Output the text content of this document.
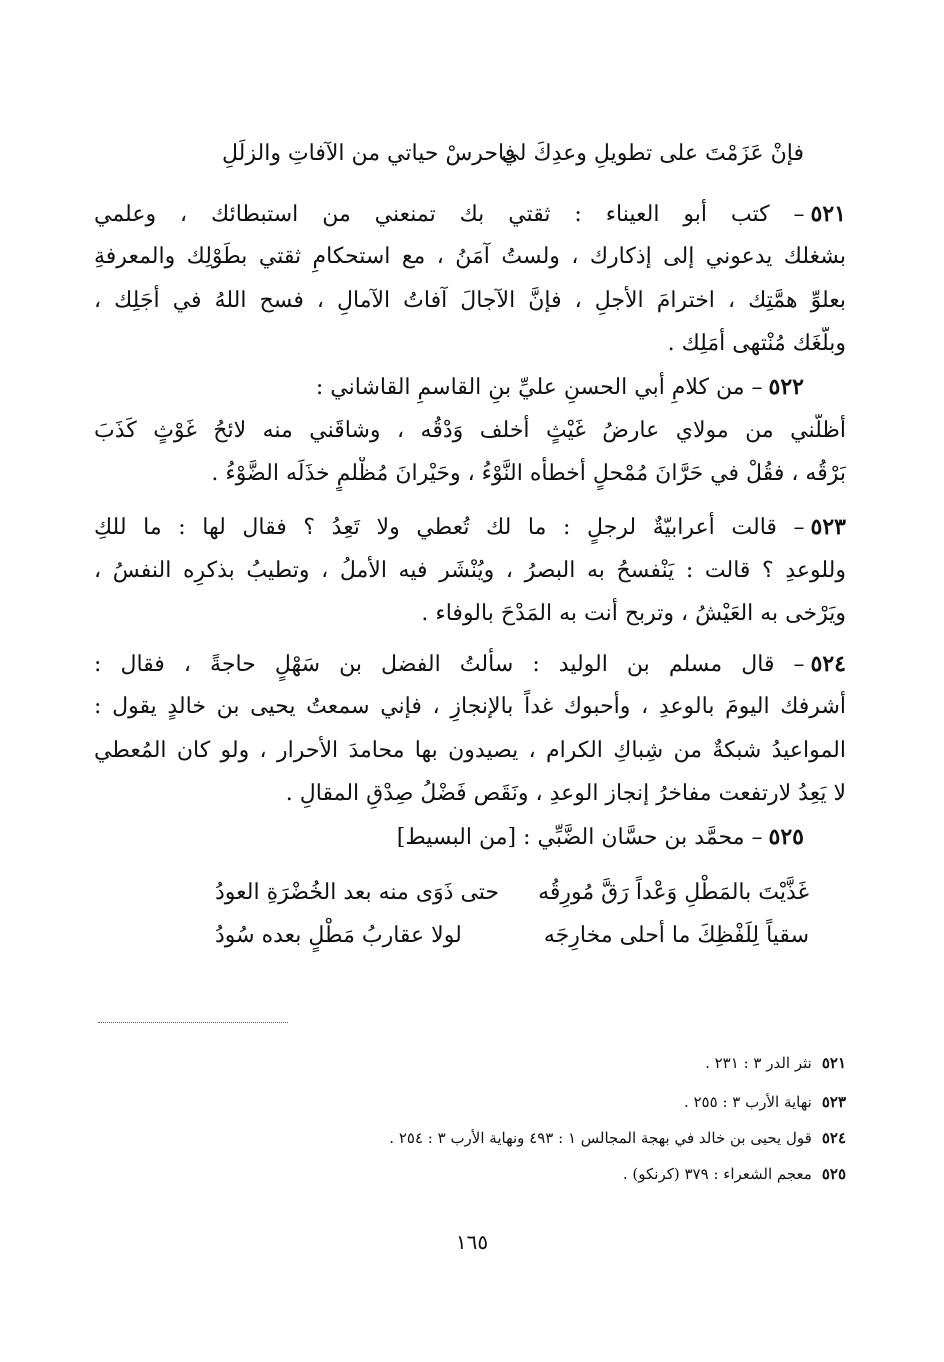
فإنْ عَزَمْتَ على تطويلِ وعدِكَ لي
فاحرسْ حياتي من الآفاتِ والزلَلِ
٥٢١– كتب أبو العيناء : ثقتي بك تمنعني من استبطائك ، وعلمي
بشغلك يدعوني إلى إذكارك ، ولستُ آمَنُ ، مع استحكامِ ثقتي بطَوْلِك والمعرفةِ
بعلوِّ همَّتِك ، اخترامَ الأجلِ ، فإنَّ الآجالَ آفاتُ الآمالِ ، فسح اللهُ في أجَلِك ،
وبلَّغَك مُنْتهى أمَلِك .
٥٢٢– من كلامِ أبي الحسنِ عليِّ بنِ القاسمِ القاشاني :
أظلَّني من مولاي عارضُ غَيْثٍ أخلف وَدْقُه ، وشاقَني منه لائحُ غَوْثٍ كَذَبَ
بَرْقُه ، فقُلْ في حَرَّانَ مُمْحلٍ أخطأه النَّوْءُ ، وحَيْرانَ مُظْلمٍ خذَلَه الضَّوْءُ .
٥٢٣– قالت أعرابيّةٌ لرجلٍ : ما لك تُعطي ولا تَعِدُ ؟ فقال لها : ما للكِ
وللوعدِ ؟ قالت : يَنْفسحُ به البصرُ ، ويُنْشَر فيه الأملُ ، وتطيبُ بذكرِه النفسُ ،
ويَرْخى به العَيْشُ ، وتربح أنت به المَدْحَ بالوفاء .
٥٢٤– قال مسلم بن الوليد : سألتُ الفضل بن سَهْلٍ حاجةً ، فقال :
أشرفك اليومَ بالوعدِ ، وأحبوك غداً بالإنجازِ ، فإني سمعتُ يحيى بن خالدٍ يقول :
المواعيدُ شبكةٌ من شِباكِ الكرام ، يصيدون بها محامدَ الأحرار ، ولو كان المُعطي
لا يَعِدُ لارتفعت مفاخرُ إنجاز الوعدِ ، ونَقَص فَضْلُ صِدْقِ المقالِ .
٥٢٥– محمَّد بن حسَّان الضَّبِّي : [من البسيط]
غَذَّيْتَ بالمَطْلِ وَعْداً رَقَّ مُورِقُه
حتى ذَوَى منه بعد الخُضْرَةِ العودُ
سقياً لِلَفْظِكَ ما أحلى مخارِجَه
لولا عقاربُ مَطْلٍ بعده سُودُ
٥٢١نثر الدر ٣ : ٢٣١ .
٥٢٣نهاية الأرب ٣ : ٢٥٥ .
٥٢٤قول يحيى بن خالد في بهجة المجالس ١ : ٤٩٣ ونهاية الأرب ٣ : ٢٥٤ .
٥٢٥معجم الشعراء : ٣٧٩ (كرنكو) .
١٦٥
